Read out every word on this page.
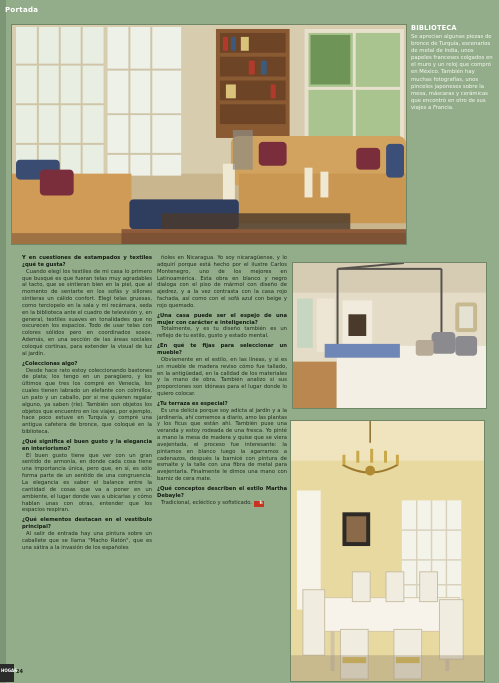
Portada
BIBLIOTECA

Se aprecian algunas piezas de bronce de Turquía, escenarios de metal de India, unos papeles franceses colgados en el muro y un reloj que compró en México. También hay muchas fotografías, unos pinceles japoneses sobre la mesa, máscaras y cerámicas que encontró en otro de sus viajes a Francia.

Y en cuestiones de estampados y textiles ¿qué te gusta?

Cuando elegí los textiles de mi casa lo primero que busqué es que fueran telas muy agradables al tacto, que se sintieran bien en la piel, que al momento de sentarte en los sofás y sillones sintieras un cálido confort. Elegí telas gruesas, como terciopelo en la sala y mi recámara, seda en la biblioteca ante el cuadro de televisión y, en general, textiles suaves en tonalidades que no oscurecen los espacios. Todo de usar telas con colores sólidos pero en coordinados sosos. Además, en una sección de las áreas sociales coloqué cortinas, para extender la visual de luz al jardín.

¿Coleccionas algo?

Desde hace rato estoy coleccionando bastones de plata; los tengo en un paragüero, y los últimos que tres los compré en Venecia, los cuales tienen labrado un elefante con colmillos, un pato y un caballo, por si me quieren regalar alguno, ya saben (ríe). También son objetos los objetos que encuentro en los viajes, por ejemplo, hace poco estuve en Turquía y compré una antigua cafetera de bronce, que coloqué en la biblioteca.

¿Qué significa el buen gusto y la elegancia en interiorismo?

El buen gusto tiene que ver con un gran sentido de armonía, en donde cada cosa tiene una importancia única, pero que, en sí, es sólo forma parte de un sentido de una congruencia. La elegancia es saber el balance entre la cantidad de cosas que va a poner en un ambiente, el lugar donde vas a ubicarlas y cómo hablan unas con otras, entender que los espacios respiran.

¿Qué elementos destacan en el vestíbulo principal?

Al salir de entrada hay una pintura sobre un caballete que se llama "Macho Ratón", que es una sátira a la invasión de los españoles

ñoles en Nicaragua. Yo soy nicaragüense, y lo adquirí porque está hecho por el ilustre Carlos Montenegro, uno de los mejores en Latinoamérica. Esta obra en blanco y negro dialoga con el piso de mármol con diseño de ajedrez, y a la vez contrasta con la casa rojo fachada, así como con el sofá azul con beige y rojo quemado.

¿Una casa puede ser el espejo de una mujer con carácter e inteligencia?

Totalmente, y es tu diseño también es un reflejo de tu estilo, gusto y estado mental.

¿En qué te fijas para seleccionar un mueble?

Obviamente en el estilo, en las líneas, y si es un mueble de madera reviso cómo fue tallado, en la antigüedad, en la calidad de los materiales y la mano de obra. También analizo si sus proporciones son idóneas para el lugar donde lo quiero colocar.

¿Tu terraza es especial?

Es una delicia porque soy adicta al jardín y a la jardinería, ahí comemos a diario, amo las plantas y los ficus que están ahí. También puse una veranda y estoy rodeada de una fresca. Yo pinté a mano la mesa de madera y quise que se viera avejentada, el proceso fue interesante: la pintamos en blanco luego la agarramos a cadenazos, después la barnicé con pintura de esmalte y la talle con una fibra de metal para avejentarla. Finalmente le dimos una mano con barniz de cera mate.

¿Qué conceptos describen el estilo Martha Debayle?

Tradicional, ecléctico y sofisticado. h

HOGAR
24
